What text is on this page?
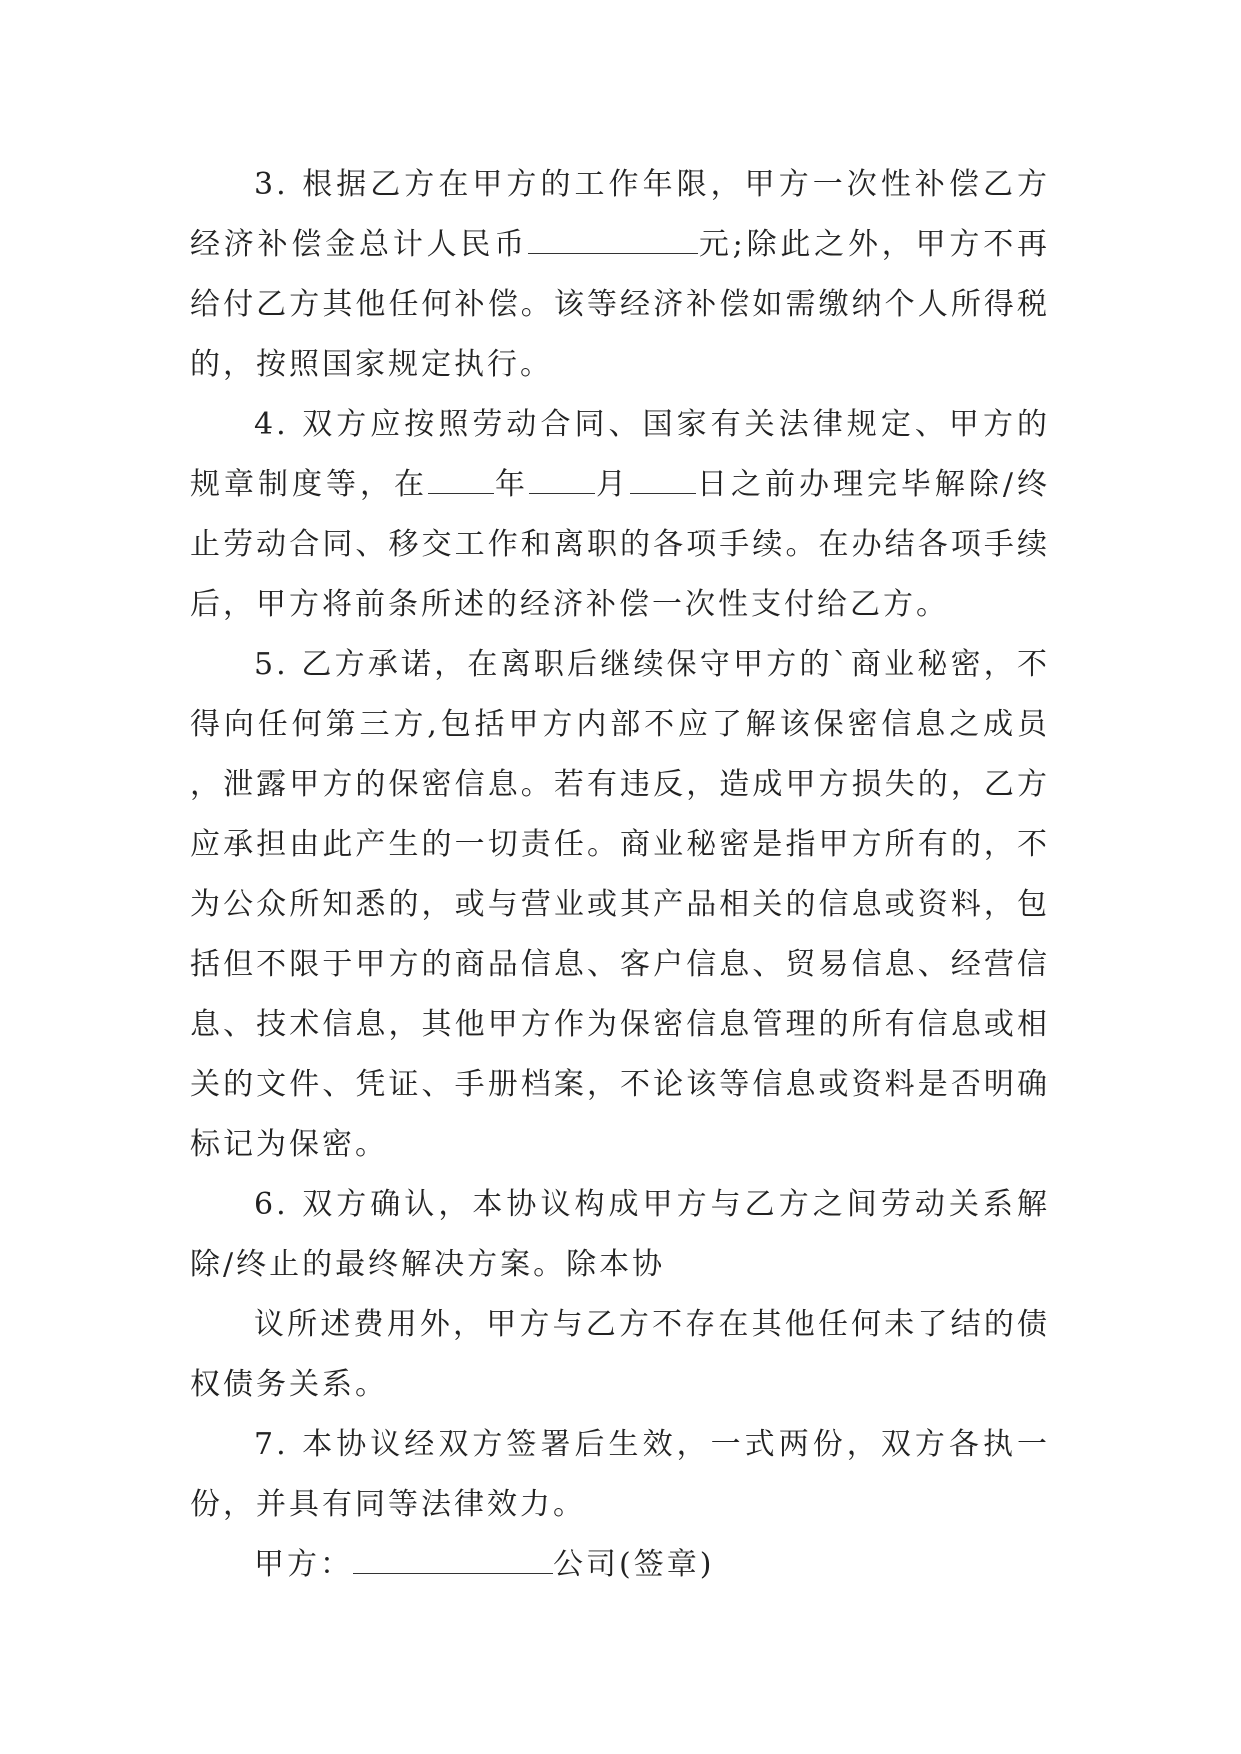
3. 根据乙方在甲方的工作年限，甲方一次性补偿乙方经济补偿金总计人民币	元;除此之外，甲方不再给付乙方其他任何补偿。该等经济补偿如需缴纳个人所得税的，按照国家规定执行。

4. 双方应按照劳动合同、国家有关法律规定、甲方的规章制度等，在 年 月 日之前办理完毕解除/终止劳动合同、移交工作和离职的各项手续。在办结各项手续后，甲方将前条所述的经济补偿一次性支付给乙方。

5. 乙方承诺，在离职后继续保守甲方的`商业秘密，不得向任何第三方,包括甲方内部不应了解该保密信息之成员，泄露甲方的保密信息。若有违反，造成甲方损失的，乙方应承担由此产生的一切责任。商业秘密是指甲方所有的，不为公众所知悉的，或与营业或其产品相关的信息或资料，包括但不限于甲方的商品信息、客户信息、贸易信息、经营信息、技术信息，其他甲方作为保密信息管理的所有信息或相关的文件、凭证、手册档案，不论该等信息或资料是否明确标记为保密。

6. 双方确认，本协议构成甲方与乙方之间劳动关系解除/终止的最终解决方案。除本协

议所述费用外，甲方与乙方不存在其他任何未了结的债权债务关系。

7. 本协议经双方签署后生效，一式两份，双方各执一份，并具有同等法律效力。

甲方：	公司(签章)
